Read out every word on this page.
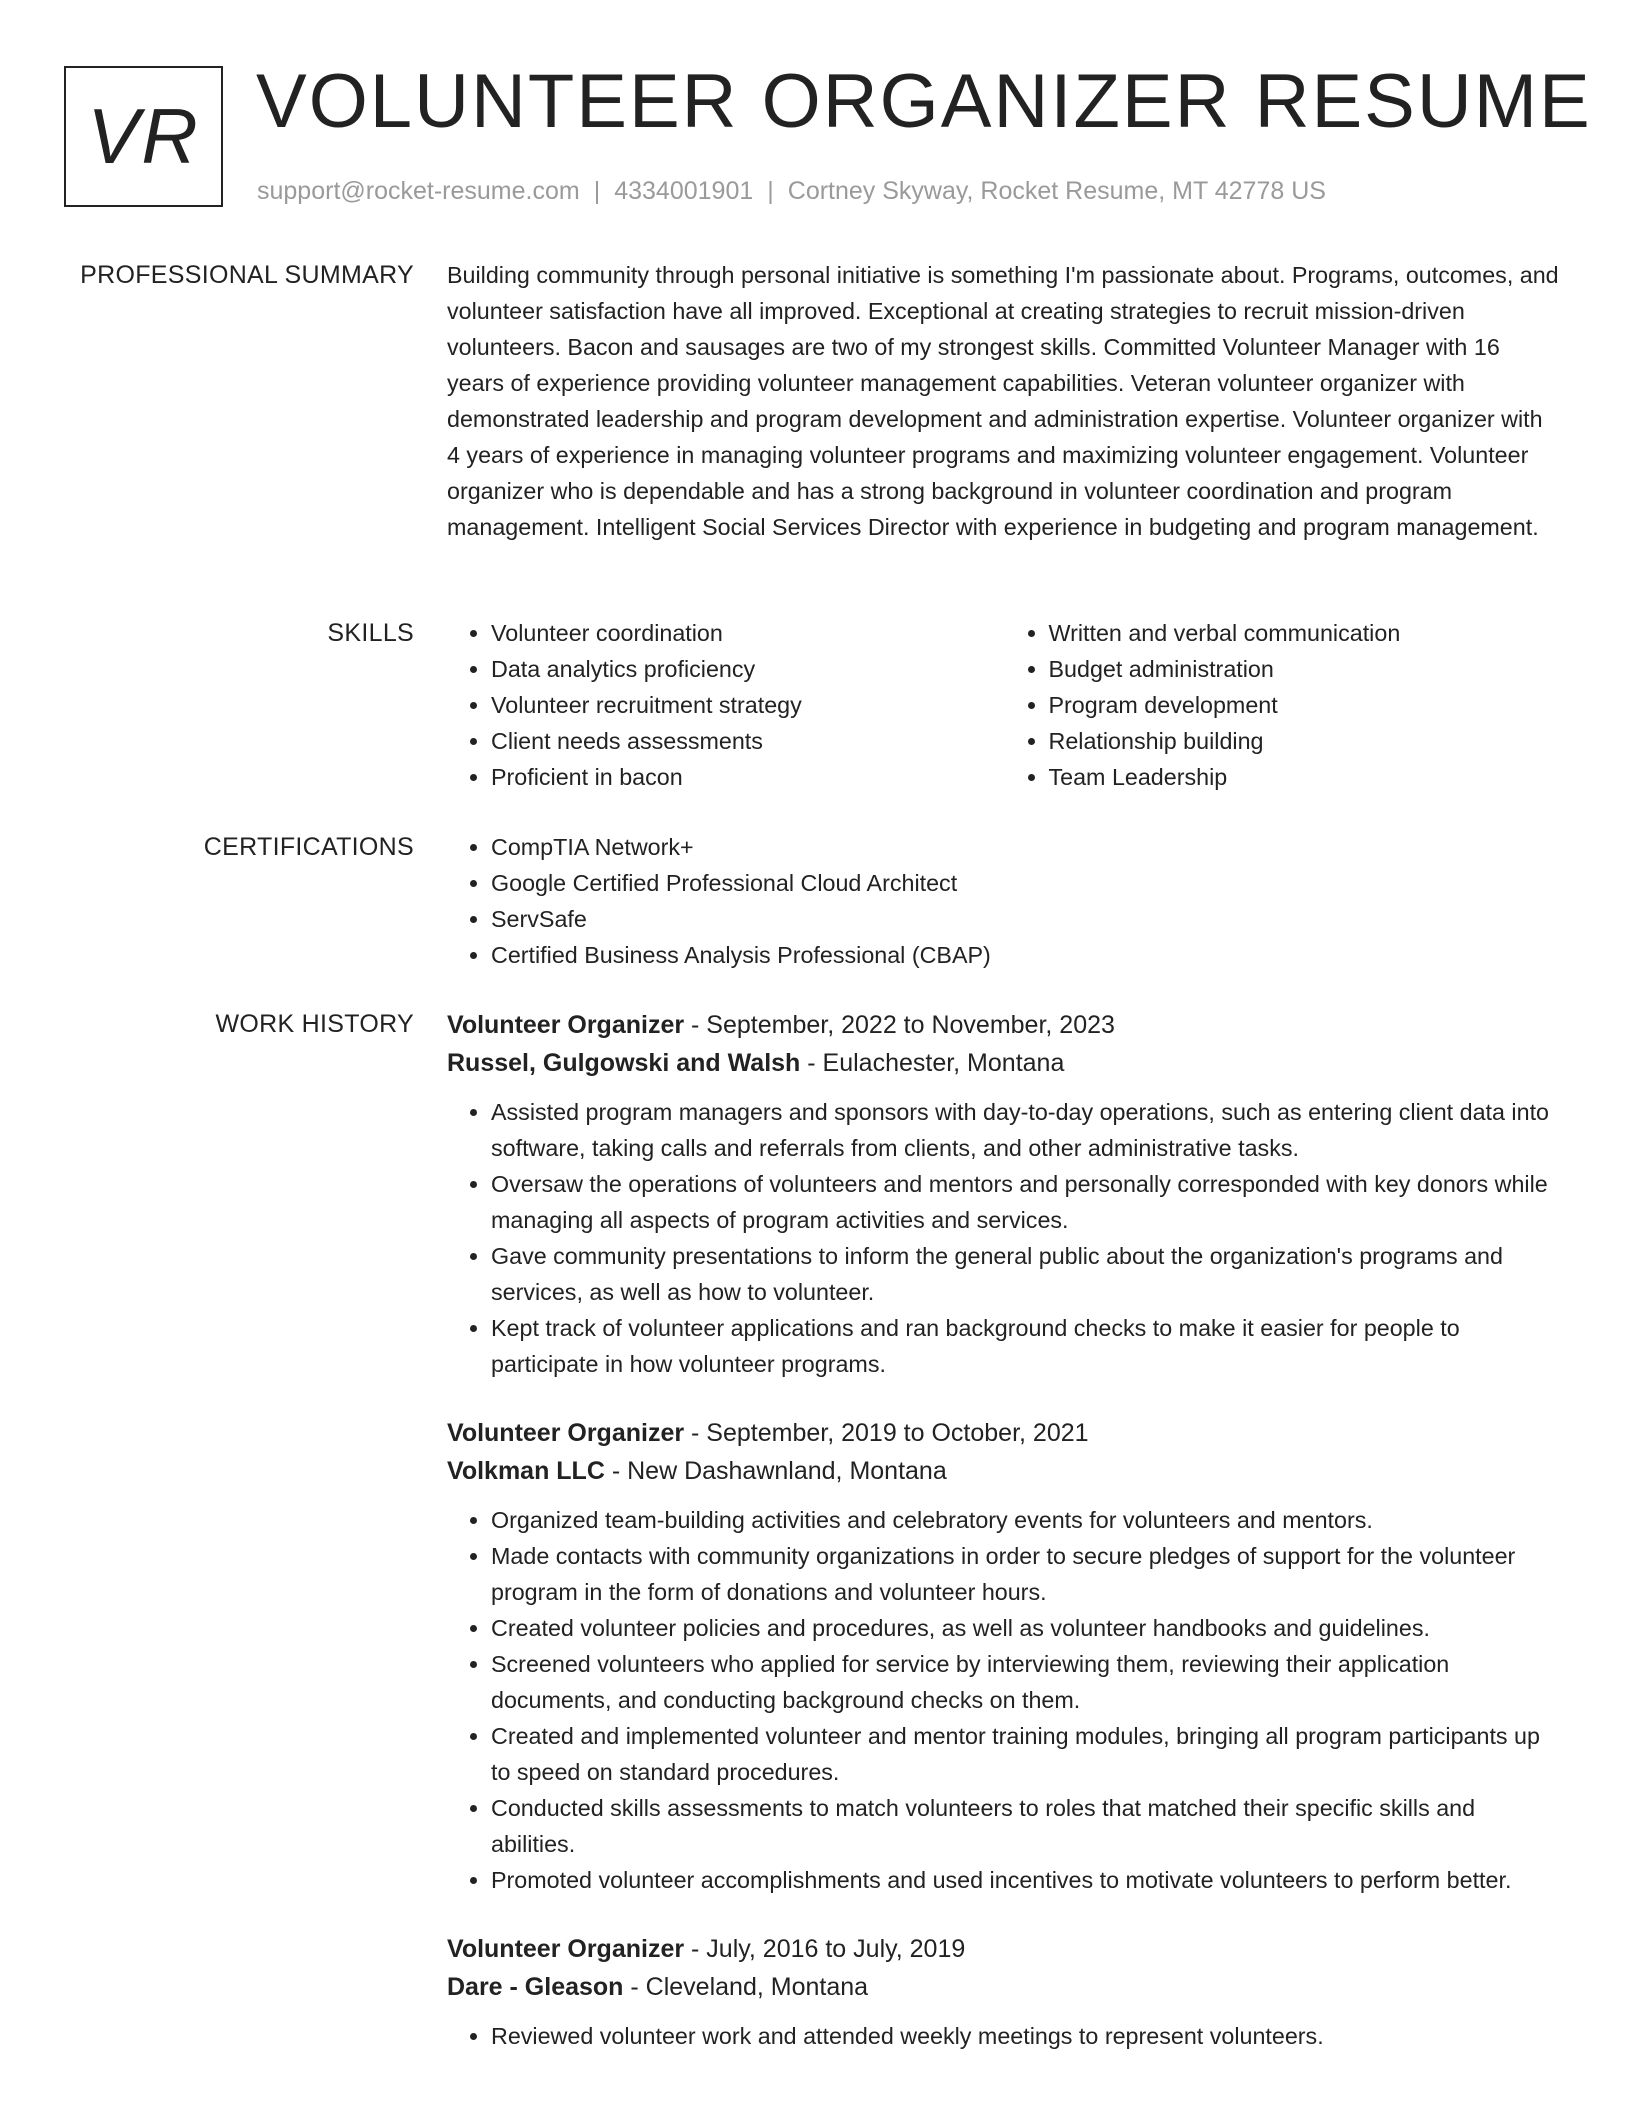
VR VOLUNTEER ORGANIZER RESUME
support@rocket-resume.com | 4334001901 | Cortney Skyway, Rocket Resume, MT 42778 US
PROFESSIONAL SUMMARY Building community through personal initiative is something I'm passionate about. Programs, outcomes, and volunteer satisfaction have all improved. Exceptional at creating strategies to recruit mission-driven volunteers. Bacon and sausages are two of my strongest skills. Committed Volunteer Manager with 16 years of experience providing volunteer management capabilities. Veteran volunteer organizer with demonstrated leadership and program development and administration expertise. Volunteer organizer with 4 years of experience in managing volunteer programs and maximizing volunteer engagement. Volunteer organizer who is dependable and has a strong background in volunteer coordination and program management. Intelligent Social Services Director with experience in budgeting and program management.

SKILLS	• Volunteer coordination
• Data analytics proficiency
• Volunteer recruitment strategy
• Client needs assessments
• Proficient in bacon
• Written and verbal communication
• Budget administration
• Program development
• Relationship building
• Team Leadership
CERTIFICATIONS	• CompTIA Network+
• Google Certified Professional Cloud Architect
• ServSafe
• Certified Business Analysis Professional (CBAP)
WORK HISTORY Volunteer Organizer - September, 2022 to November, 2023
Russel, Gulgowski and Walsh - Eulachester, Montana
• Assisted program managers and sponsors with day-to-day operations, such as entering client data into software, taking calls and referrals from clients, and other administrative tasks.
• Oversaw the operations of volunteers and mentors and personally corresponded with key donors while managing all aspects of program activities and services.
• Gave community presentations to inform the general public about the organization's programs and services, as well as how to volunteer.
• Kept track of volunteer applications and ran background checks to make it easier for people to participate in how volunteer programs.
Volunteer Organizer - September, 2019 to October, 2021
Volkman LLC - New Dashawnland, Montana
• Organized team-building activities and celebratory events for volunteers and mentors.
• Made contacts with community organizations in order to secure pledges of support for the volunteer program in the form of donations and volunteer hours.
• Created volunteer policies and procedures, as well as volunteer handbooks and guidelines.
• Screened volunteers who applied for service by interviewing them, reviewing their application documents, and conducting background checks on them.
• Created and implemented volunteer and mentor training modules, bringing all program participants up to speed on standard procedures.
• Conducted skills assessments to match volunteers to roles that matched their specific skills and abilities.
• Promoted volunteer accomplishments and used incentives to motivate volunteers to perform better.
Volunteer Organizer - July, 2016 to July, 2019
Dare - Gleason - Cleveland, Montana
• Reviewed volunteer work and attended weekly meetings to represent volunteers.
